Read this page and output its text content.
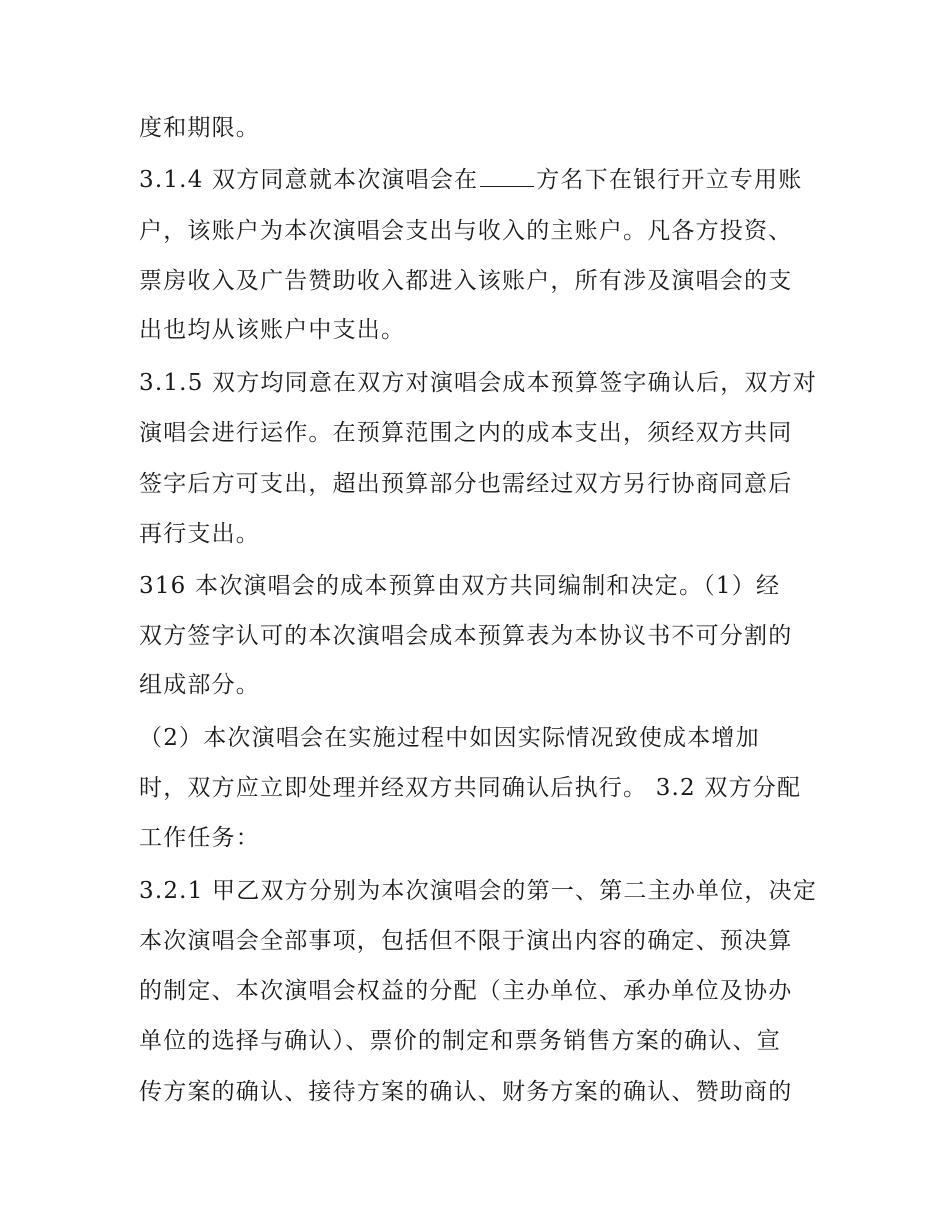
度和期限。
3.1.4 双方同意就本次演唱会在	方名下在银行开立专用账
户，该账户为本次演唱会支出与收入的主账户。凡各方投资、
票房收入及广告赞助收入都进入该账户，所有涉及演唱会的支
出也均从该账户中支出。
3.1.5 双方均同意在双方对演唱会成本预算签字确认后，双方对
演唱会进行运作。在预算范围之内的成本支出，须经双方共同
签字后方可支出，超出预算部分也需经过双方另行协商同意后
再行支出。
316 本次演唱会的成本预算由双方共同编制和决定。（1）经
双方签字认可的本次演唱会成本预算表为本协议书不可分割的
组成部分。
（2）本次演唱会在实施过程中如因实际情况致使成本增加
时，双方应立即处理并经双方共同确认后执行。 3.2 双方分配
工作任务：
3.2.1 甲乙双方分别为本次演唱会的第一、第二主办单位，决定
本次演唱会全部事项，包括但不限于演出内容的确定、预决算
的制定、本次演唱会权益的分配（主办单位、承办单位及协办
单位的选择与确认）、票价的制定和票务销售方案的确认、宣
传方案的确认、接待方案的确认、财务方案的确认、赞助商的
